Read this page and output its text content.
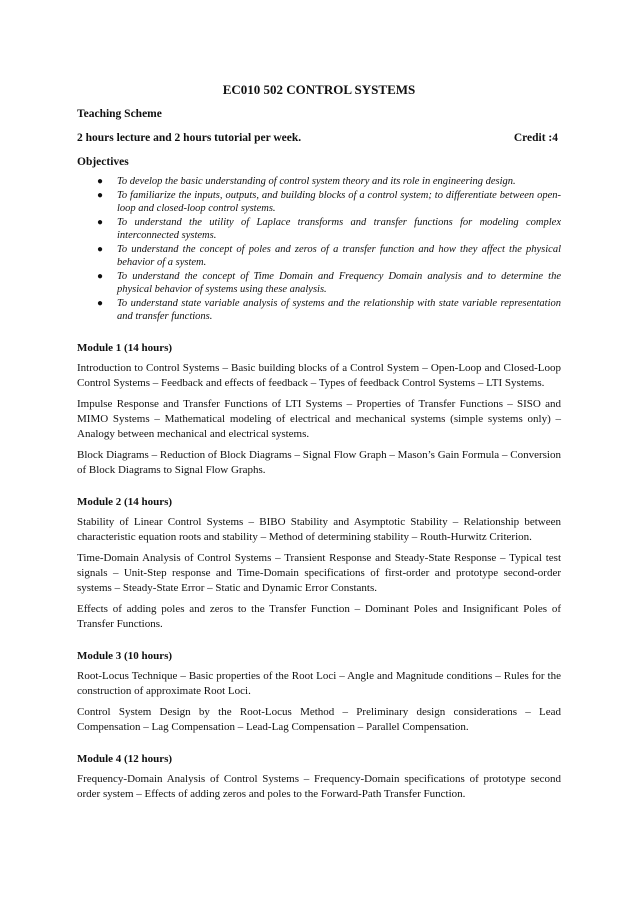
EC010 502 CONTROL SYSTEMS
Teaching Scheme
2 hours lecture and 2 hours tutorial per week.	Credit :4
Objectives
● To develop the basic understanding of control system theory and its role in engineering design.
● To familiarize the inputs, outputs, and building blocks of a control system; to differentiate between open-loop and closed-loop control systems.
● To understand the utility of Laplace transforms and transfer functions for modeling complex interconnected systems.
● To understand the concept of poles and zeros of a transfer function and how they affect the physical behavior of a system.
● To understand the concept of Time Domain and Frequency Domain analysis and to determine the physical behavior of systems using these analysis.
● To understand state variable analysis of systems and the relationship with state variable representation and transfer functions.
Module 1 (14 hours)

Introduction to Control Systems – Basic building blocks of a Control System – Open-Loop and Closed-Loop Control Systems – Feedback and effects of feedback – Types of feedback Control Systems – LTI Systems.

Impulse Response and Transfer Functions of LTI Systems – Properties of Transfer Functions – SISO and MIMO Systems – Mathematical modeling of electrical and mechanical systems (simple systems only) – Analogy between mechanical and electrical systems.

Block Diagrams – Reduction of Block Diagrams – Signal Flow Graph – Mason’s Gain Formula – Conversion of Block Diagrams to Signal Flow Graphs.

Module 2 (14 hours)

Stability of Linear Control Systems – BIBO Stability and Asymptotic Stability – Relationship between characteristic equation roots and stability – Method of determining stability – Routh-Hurwitz Criterion.

Time-Domain Analysis of Control Systems – Transient Response and Steady-State Response – Typical test signals – Unit-Step response and Time-Domain specifications of first-order and prototype second-order systems – Steady-State Error – Static and Dynamic Error Constants.

Effects of adding poles and zeros to the Transfer Function – Dominant Poles and Insignificant Poles of Transfer Functions.

Module 3 (10 hours)

Root-Locus Technique – Basic properties of the Root Loci – Angle and Magnitude conditions – Rules for the construction of approximate Root Loci.

Control System Design by the Root-Locus Method – Preliminary design considerations – Lead Compensation – Lag Compensation – Lead-Lag Compensation – Parallel Compensation.

Module 4 (12 hours)

Frequency-Domain Analysis of Control Systems – Frequency-Domain specifications of prototype second order system – Effects of adding zeros and poles to the Forward-Path Transfer Function.
